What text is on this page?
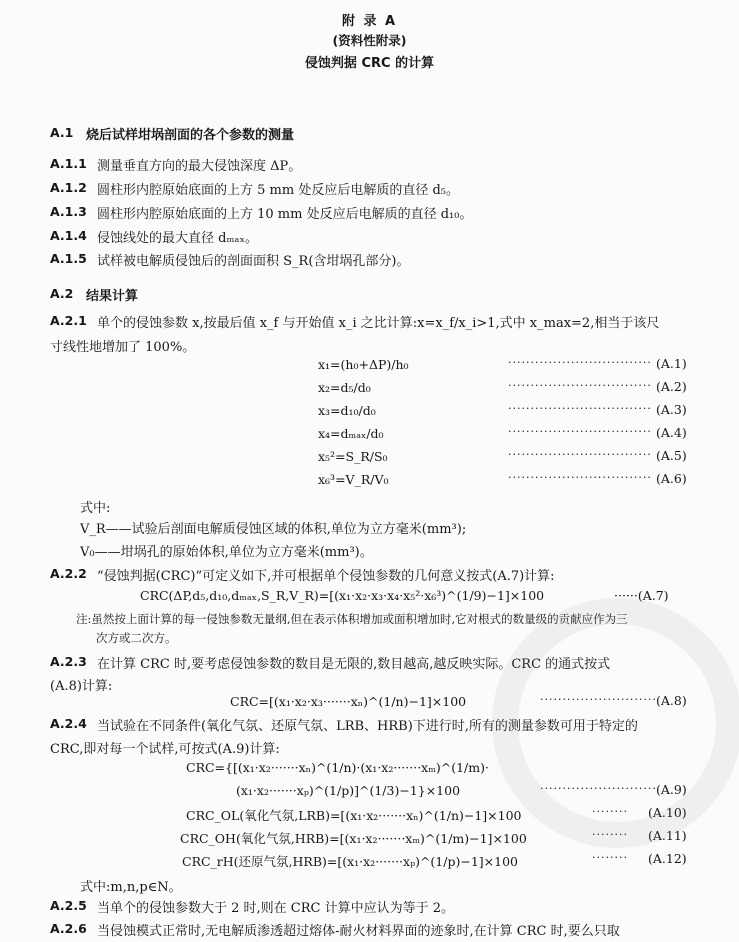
附 录 A
(资料性附录)
侵蚀判据 CRC 的计算
A.1 烧后试样坩埚剖面的各个参数的测量
A.1.1 测量垂直方向的最大侵蚀深度 ΔP。
A.1.2 圆柱形内腔原始底面的上方 5 mm 处反应后电解质的直径 d₅。
A.1.3 圆柱形内腔原始底面的上方 10 mm 处反应后电解质的直径 d₁₀。
A.1.4 侵蚀线处的最大直径 dₘₐₓ。
A.1.5 试样被电解质侵蚀后的剖面面积 S_R(含坩埚孔部分)。
A.2 结果计算
A.2.1 单个的侵蚀参数 x,按最后值 x_f 与开始值 x_i 之比计算:x=x_f/x_i>1,式中 x_max=2,相当于该尺
寸线性地增加了 100%。
x₁=(h₀+ΔP)/h₀	································ (A.1)
x₂=d₅/d₀	································ (A.2)
x₃=d₁₀/d₀	································ (A.3)
x₄=dₘₐₓ/d₀	································ (A.4)
x₅²=S_R/S₀	································ (A.5)
x₆³=V_R/V₀	································ (A.6)
式中:
V_R——试验后剖面电解质侵蚀区域的体积,单位为立方毫米(mm³);
V₀——坩埚孔的原始体积,单位为立方毫米(mm³)。
A.2.2 “侵蚀判据(CRC)”可定义如下,并可根据单个侵蚀参数的几何意义按式(A.7)计算:
CRC(ΔP,d₅,d₁₀,dₘₐₓ,S_R,V_R)=[(x₁·x₂·x₃·x₄·x₅²·x₆³)^(1/9)−1]×100	······(A.7)
注:虽然按上面计算的每一侵蚀参数无量纲,但在表示体积增加或面积增加时,它对根式的数量级的贡献应作为三
次方或二次方。
A.2.3 在计算 CRC 时,要考虑侵蚀参数的数目是无限的,数目越高,越反映实际。CRC 的通式按式
(A.8)计算:
CRC=[(x₁·x₂·x₃·······xₙ)^(1/n)−1]×100	·························· (A.8)
A.2.4 当试验在不同条件(氧化气氛、还原气氛、LRB、HRB)下进行时,所有的测量参数可用于特定的
CRC,即对每一个试样,可按式(A.9)计算:
CRC={[(x₁·x₂·······xₙ)^(1/n)·(x₁·x₂·······xₘ)^(1/m)·
(x₁·x₂·······xₚ)^(1/p)]^(1/3)−1}×100	·························· (A.9)
CRC_OL(氧化气氛,LRB)=[(x₁·x₂·······xₙ)^(1/n)−1]×100	········ (A.10)
CRC_OH(氧化气氛,HRB)=[(x₁·x₂·······xₘ)^(1/m)−1]×100	········ (A.11)
CRC_rH(还原气氛,HRB)=[(x₁·x₂·······xₚ)^(1/p)−1]×100	········ (A.12)
式中:m,n,p∈N。
A.2.5 当单个的侵蚀参数大于 2 时,则在 CRC 计算中应认为等于 2。
A.2.6 当侵蚀模式正常时,无电解质渗透超过熔体-耐火材料界面的迹象时,在计算 CRC 时,要么只取
